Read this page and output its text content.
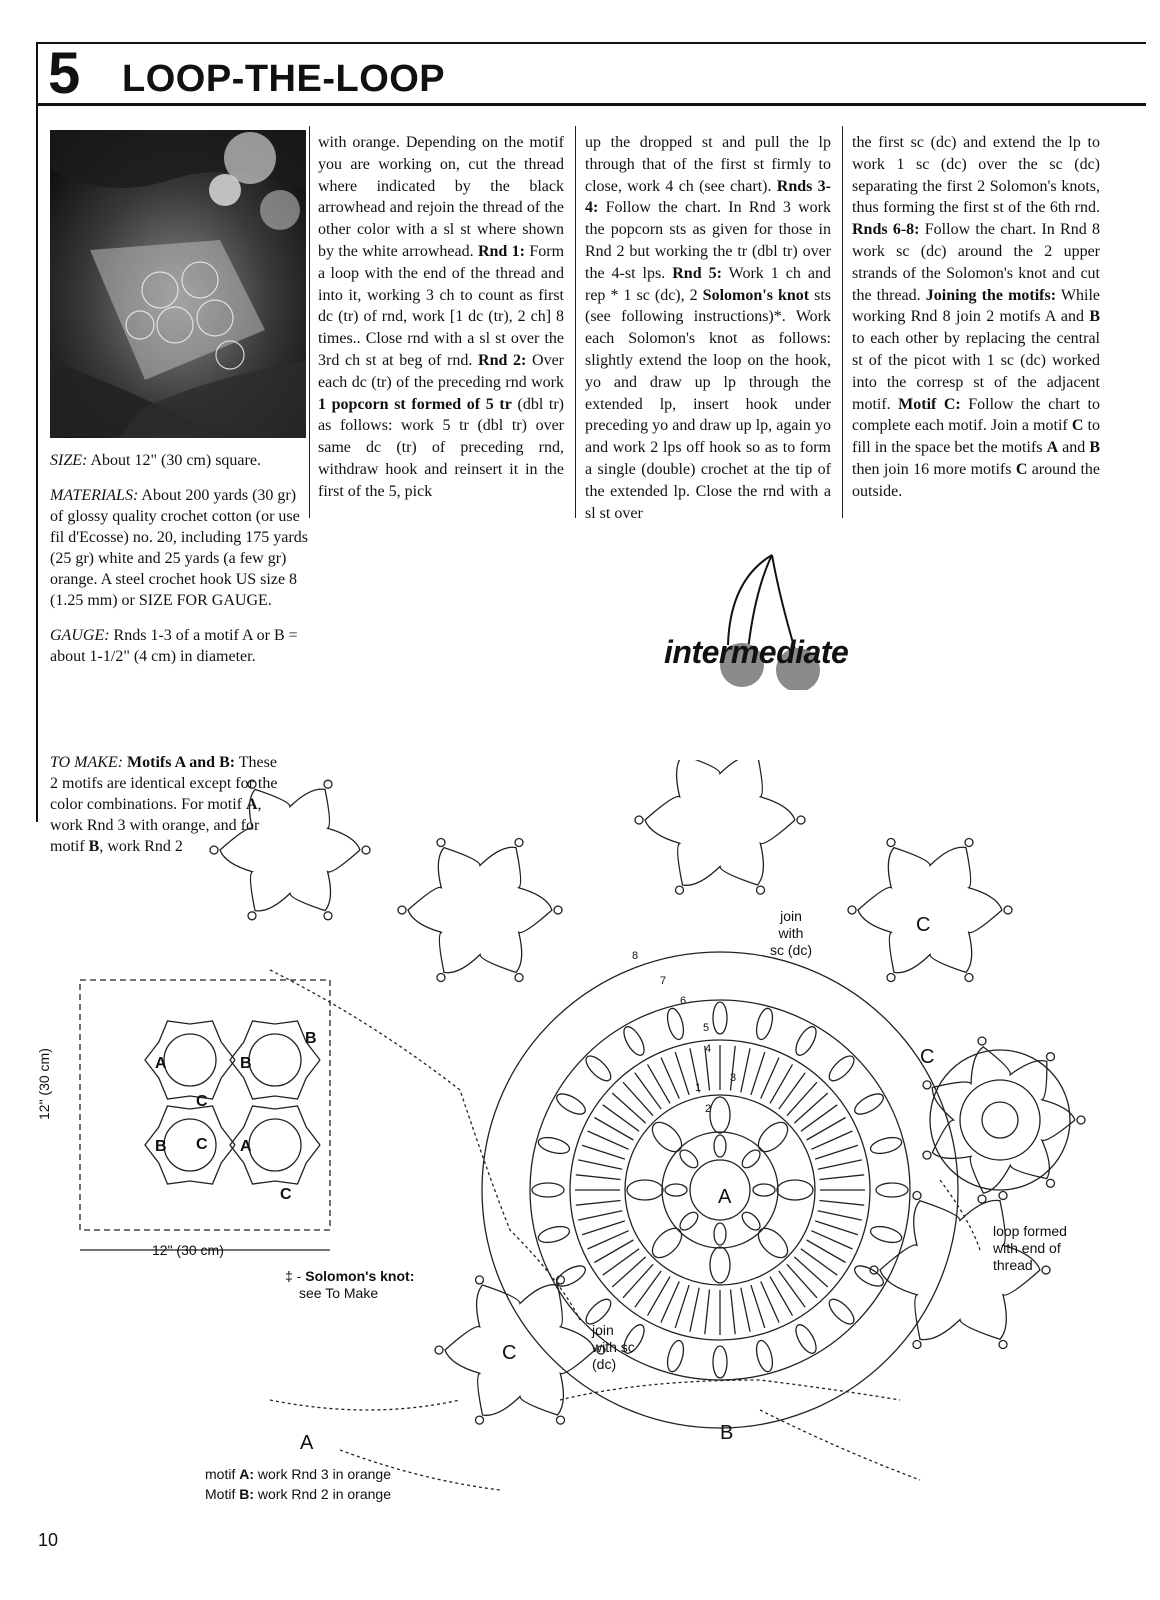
5 LOOP-THE-LOOP

SIZE: About 12" (30 cm) square.

MATERIALS: About 200 yards (30 gr) of glossy quality crochet cotton (or use fil d'Ecosse) no. 20, including 175 yards (25 gr) white and 25 yards (a few gr) orange. A steel crochet hook US size 8 (1.25 mm) or SIZE FOR GAUGE.

GAUGE: Rnds 1-3 of a motif A or B = about 1-1/2" (4 cm) in diameter.

TO MAKE: Motifs A and B: These 2 motifs are identical except for the color combinations. For motif A, work Rnd 3 with orange, and for motif B, work Rnd 2

with orange. Depending on the motif you are working on, cut the thread where indicated by the black arrowhead and rejoin the thread of the other color with a sl st where shown by the white arrowhead. Rnd 1: Form a loop with the end of the thread and into it, working 3 ch to count as first dc (tr) of rnd, work [1 dc (tr), 2 ch] 8 times.. Close rnd with a sl st over the 3rd ch st at beg of rnd. Rnd 2: Over each dc (tr) of the preceding rnd work 1 popcorn st formed of 5 tr (dbl tr) as follows: work 5 tr (dbl tr) over same dc (tr) of preceding rnd, withdraw hook and reinsert it in the first of the 5, pick

up the dropped st and pull the lp through that of the first st firmly to close, work 4 ch (see chart). Rnds 3-4: Follow the chart. In Rnd 3 work the popcorn sts as given for those in Rnd 2 but working the tr (dbl tr) over the 4-st lps. Rnd 5: Work 1 ch and rep * 1 sc (dc), 2 Solomon's knot sts (see following instructions)*. Work each Solomon's knot as follows: slightly extend the loop on the hook, yo and draw up lp through the extended lp, insert hook under preceding yo and draw up lp, again yo and work 2 lps off hook so as to form a single (double) crochet at the tip of the extended lp. Close the rnd with a sl st over

the first sc (dc) and extend the lp to work 1 sc (dc) over the sc (dc) separating the first 2 Solomon's knots, thus forming the first st of the 6th rnd. Rnds 6-8: Follow the chart. In Rnd 8 work sc (dc) around the 2 upper strands of the Solomon's knot and cut the thread. Joining the motifs: While working Rnd 8 join 2 motifs A and B to each other by replacing the central st of the picot with 1 sc (dc) worked into the corresp st of the adjacent motif. Motif C: Follow the chart to complete each motif. Join a motif C to fill in the space bet the motifs A and B then join 16 more motifs C around the outside.

intermediate
join
with
sc (dc)
join
with sc
(dc)
loop formed
with end of
thread
‡ - Solomon's knot:
see To Make
12" (30 cm)
12" (30 cm)
C
C
C
A	B
A
motif A: work Rnd 3 in orange
Motif B: work Rnd 2 in orange
1
2
3
4
5
6
7
8
A	B
B	A
C
C
C
B
10
